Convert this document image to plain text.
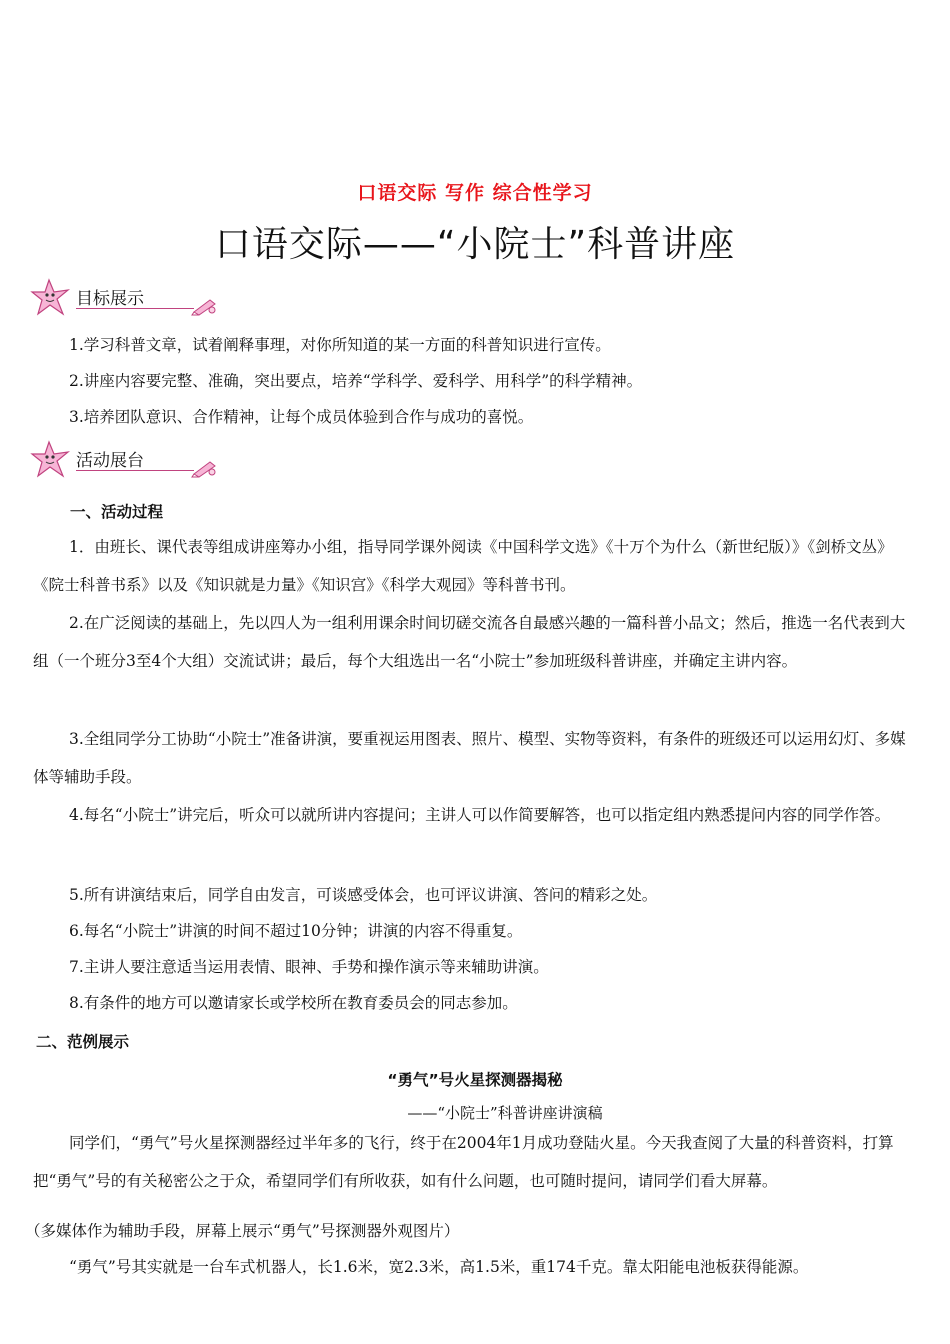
口语交际 写作 综合性学习
口语交际——“小院士”科普讲座
目标展示

1.学习科普文章，试着阐释事理，对你所知道的某一方面的科普知识进行宣传。

2.讲座内容要完整、准确，突出要点，培养“学科学、爱科学、用科学”的科学精神。

3.培养团队意识、合作精神，让每个成员体验到合作与成功的喜悦。

活动展台

一、活动过程

1．由班长、课代表等组成讲座筹办小组，指导同学课外阅读《中国科学文选》《十万个为什么（新世纪版）》《剑桥文丛》《院士科普书系》以及《知识就是力量》《知识宫》《科学大观园》等科普书刊。

2.在广泛阅读的基础上，先以四人为一组利用课余时间切磋交流各自最感兴趣的一篇科普小品文；然后，推选一名代表到大组（一个班分3至4个大组）交流试讲；最后，每个大组选出一名“小院士”参加班级科普讲座，并确定主讲内容。

3.全组同学分工协助“小院士”准备讲演，要重视运用图表、照片、模型、实物等资料，有条件的班级还可以运用幻灯、多媒体等辅助手段。

4.每名“小院士”讲完后，听众可以就所讲内容提问；主讲人可以作简要解答，也可以指定组内熟悉提问内容的同学作答。

5.所有讲演结束后，同学自由发言，可谈感受体会，也可评议讲演、答问的精彩之处。

6.每名“小院士”讲演的时间不超过10分钟；讲演的内容不得重复。

7.主讲人要注意适当运用表情、眼神、手势和操作演示等来辅助讲演。

8.有条件的地方可以邀请家长或学校所在教育委员会的同志参加。

二、范例展示

“勇气”号火星探测器揭秘

——“小院士”科普讲座讲演稿

同学们，“勇气”号火星探测器经过半年多的飞行，终于在2004年1月成功登陆火星。今天我查阅了大量的科普资料，打算把“勇气”号的有关秘密公之于众，希望同学们有所收获，如有什么问题，也可随时提问，请同学们看大屏幕。

（多媒体作为辅助手段，屏幕上展示“勇气”号探测器外观图片）

“勇气”号其实就是一台车式机器人，长1.6米，宽2.3米，高1.5米，重174千克。靠太阳能电池板获得能源。
